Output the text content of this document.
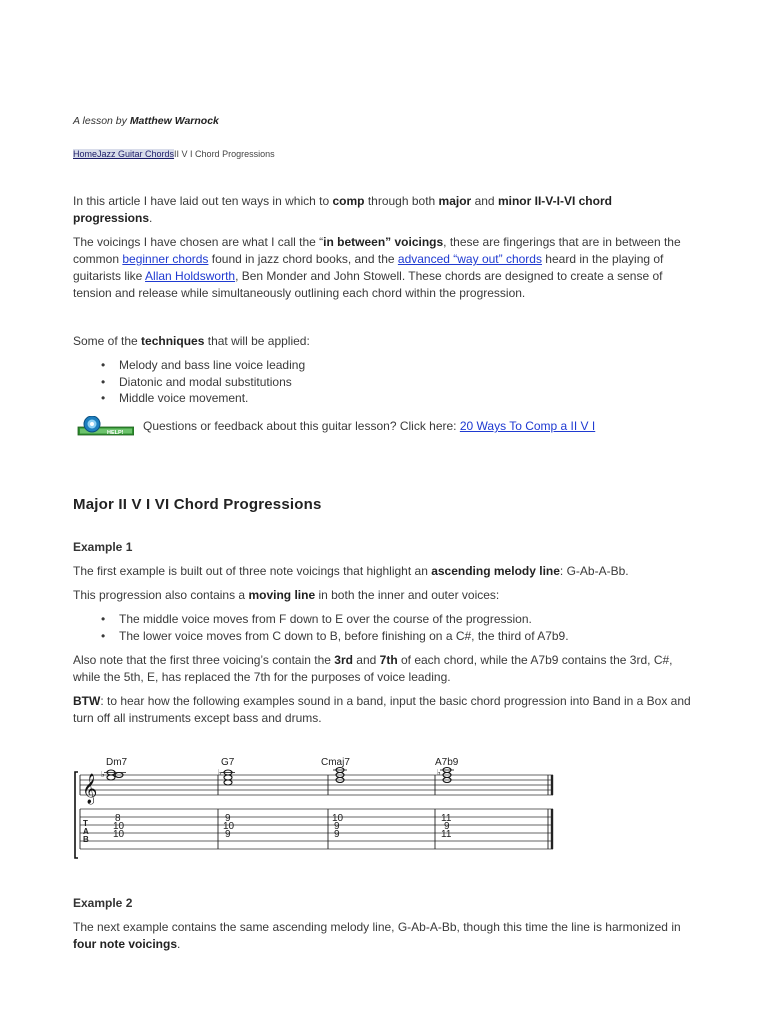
A lesson by Matthew Warnock
HomeJazz Guitar ChordsII V I Chord Progressions
In this article I have laid out ten ways in which to comp through both major and minor II-V-I-VI chord progressions.
The voicings I have chosen are what I call the “in between” voicings, these are fingerings that are in between the common beginner chords found in jazz chord books, and the advanced “way out” chords heard in the playing of guitarists like Allan Holdsworth, Ben Monder and John Stowell. These chords are designed to create a sense of tension and release while simultaneously outlining each chord within the progression.
Some of the techniques that will be applied:
• Melody and bass line voice leading
• Diatonic and modal substitutions
• Middle voice movement.
HELP! Questions or feedback about this guitar lesson? Click here: 20 Ways To Comp a II V I
Major II V I VI Chord Progressions
Example 1
The first example is built out of three note voicings that highlight an ascending melody line: G-Ab-A-Bb.
This progression also contains a moving line in both the inner and outer voices:
• The middle voice moves from F down to E over the course of the progression.
• The lower voice moves from C down to B, before finishing on a C#, the third of A7b9.
Also note that the first three voicing’s contain the 3rd and 7th of each chord, while the A7b9 contains the 3rd, C#, while the 5th, E, has replaced the 7th for the purposes of voice leading.
BTW: to hear how the following examples sound in a band, input the basic chord progression into Band in a Box and turn off all instruments except bass and drums.
Example 2
The next example contains the same ascending melody line, G-Ab-A-Bb, though this time the line is harmonized in four note voicings.
Dm7	G7	Cmaj7	A7b9
𝄞 ♭	♭	♭
T
A
B
8
10
10
9
10
9
10
9
9
11
9
11
